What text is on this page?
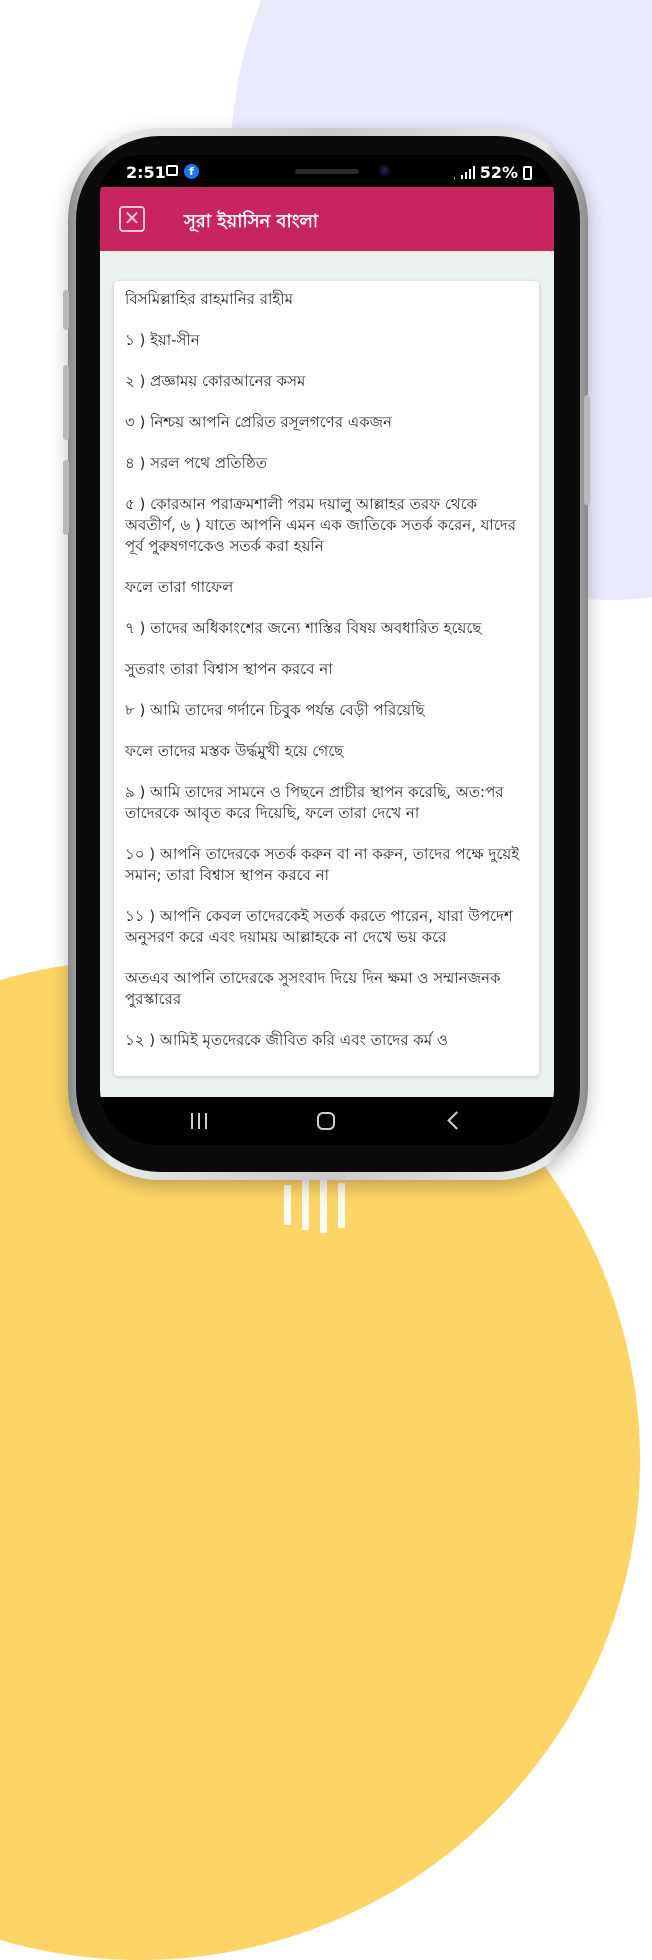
2:51	f	52%
✕ সূরা ইয়াসিন বাংলা

বিসমিল্লাহির রাহমানির রাহীম

১ ) ইয়া-সীন

২ ) প্রজ্ঞাময় কোরআনের কসম

৩ ) নিশ্চয় আপনি প্রেরিত রসূলগণের একজন

৪ ) সরল পথে প্রতিষ্ঠিত

৫ ) কোরআন পরাক্রমশালী পরম দয়ালু আল্লাহর তরফ থেকে অবতীর্ণ, ৬ ) যাতে আপনি এমন এক জাতিকে সতর্ক করেন, যাদের পূর্ব পুরুষগণকেও সতর্ক করা হয়নি

ফলে তারা গাফেল

৭ ) তাদের অধিকাংশের জন্যে শাস্তির বিষয় অবধারিত হয়েছে

সুতরাং তারা বিশ্বাস স্থাপন করবে না

৮ ) আমি তাদের গর্দানে চিবুক পর্যন্ত বেড়ী পরিয়েছি

ফলে তাদের মস্তক উর্দ্ধমুখী হয়ে গেছে

৯ ) আমি তাদের সামনে ও পিছনে প্রাচীর স্থাপন করেছি, অত:পর তাদেরকে আবৃত করে দিয়েছি, ফলে তারা দেখে না

১০ ) আপনি তাদেরকে সতর্ক করুন বা না করুন, তাদের পক্ষে দুয়েই সমান; তারা বিশ্বাস স্থাপন করবে না

১১ ) আপনি কেবল তাদেরকেই সতর্ক করতে পারেন, যারা উপদেশ অনুসরণ করে এবং দয়াময় আল্লাহকে না দেখে ভয় করে

অতএব আপনি তাদেরকে সুসংবাদ দিয়ে দিন ক্ষমা ও সম্মানজনক পুরস্কারের

১২ ) আমিই মৃতদেরকে জীবিত করি এবং তাদের কর্ম ও
